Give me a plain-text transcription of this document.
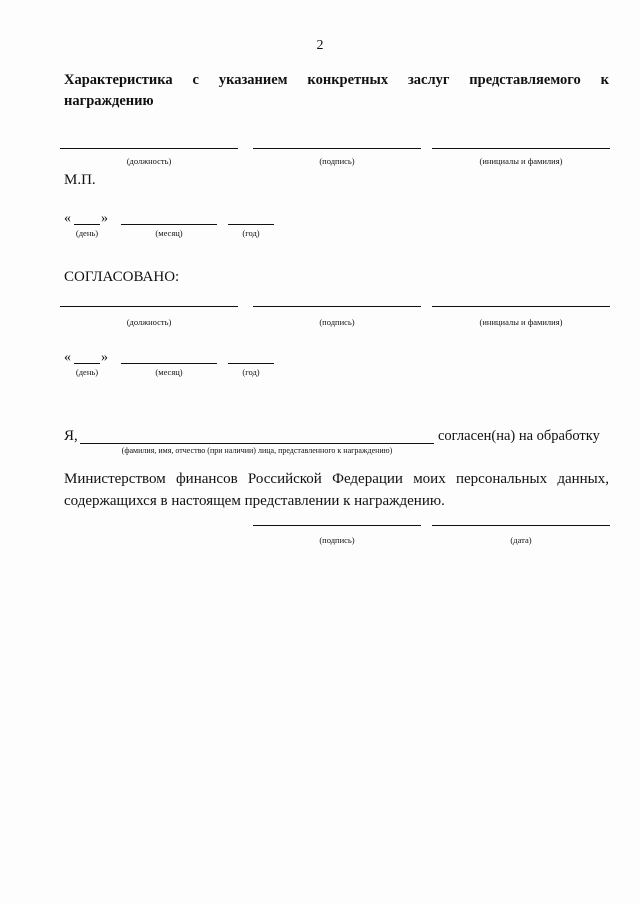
2
Характеристика с указанием конкретных заслуг представляемого к
награждению
(должность)	(подпись)	(инициалы и фамилия)
М.П.
« »
(день)	(месяц)	(год)
СОГЛАСОВАНО:
(должность)	(подпись)	(инициалы и фамилия)
« »
(день)	(месяц)	(год)
Я,	согласен(на) на обработку
(фамилия, имя, отчество (при наличии) лица, представленного к награждению)
Министерством финансов Российской Федерации моих персональных данных, содержащихся в настоящем представлении к награждению.
(подпись)	(дата)
